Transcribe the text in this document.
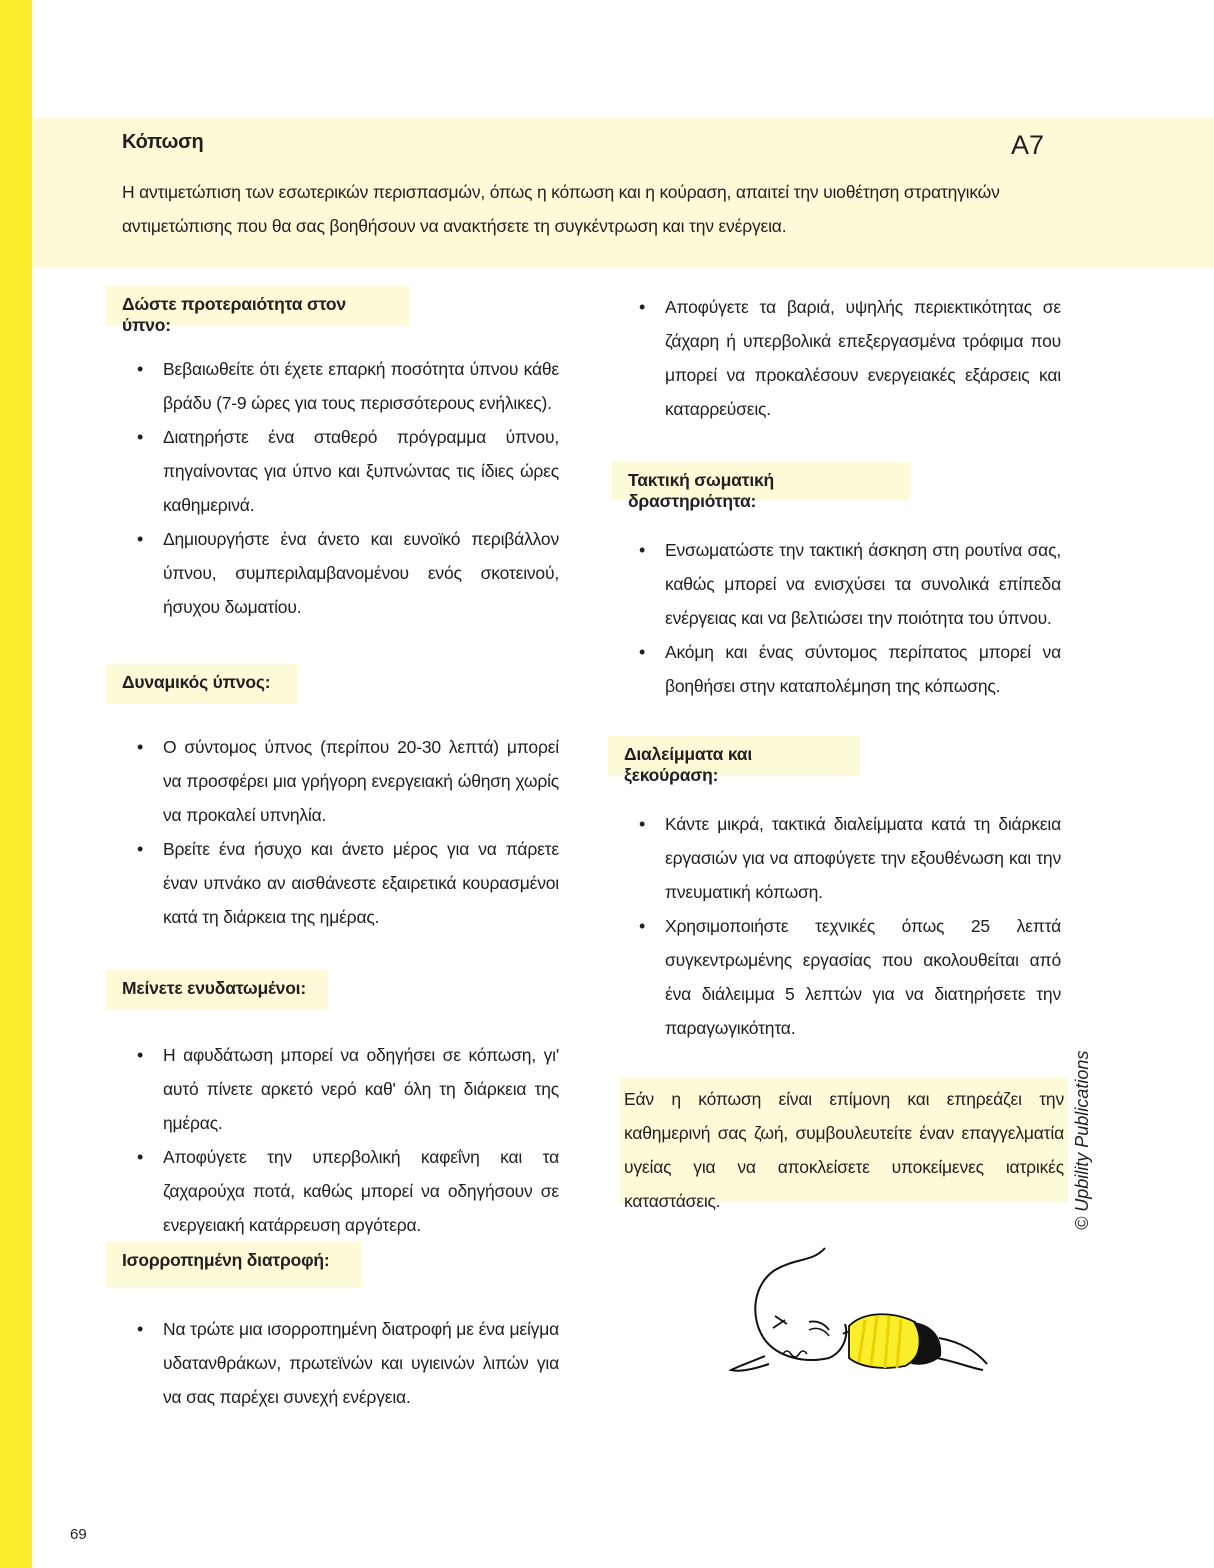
Κόπωση	A7
Η αντιμετώπιση των εσωτερικών περισπασμών, όπως η κόπωση και η κούραση, απαιτεί την υιοθέτηση στρατηγικών αντιμετώπισης που θα σας βοηθήσουν να ανακτήσετε τη συγκέντρωση και την ενέργεια.
Δώστε προτεραιότητα στον ύπνο:
• Βεβαιωθείτε ότι έχετε επαρκή ποσότητα ύπνου κάθε βράδυ (7-9 ώρες για τους περισσότερους ενήλικες).
• Διατηρήστε ένα σταθερό πρόγραμμα ύπνου, πηγαίνοντας για ύπνο και ξυπνώντας τις ίδιες ώρες καθημερινά.
• Δημιουργήστε ένα άνετο και ευνοϊκό περιβάλλον ύπνου, συμπεριλαμβανομένου ενός σκοτεινού, ήσυχου δωματίου.
Δυναμικός ύπνος:
• Ο σύντομος ύπνος (περίπου 20-30 λεπτά) μπορεί να προσφέρει μια γρήγορη ενεργειακή ώθηση χωρίς να προκαλεί υπνηλία.
• Βρείτε ένα ήσυχο και άνετο μέρος για να πάρετε έναν υπνάκο αν αισθάνεστε εξαιρετικά κουρασμένοι κατά τη διάρκεια της ημέρας.
Μείνετε ενυδατωμένοι:
• Η αφυδάτωση μπορεί να οδηγήσει σε κόπωση, γι' αυτό πίνετε αρκετό νερό καθ' όλη τη διάρκεια της ημέρας.
• Αποφύγετε την υπερβολική καφεΐνη και τα ζαχαρούχα ποτά, καθώς μπορεί να οδηγήσουν σε ενεργειακή κατάρρευση αργότερα.
Ισορροπημένη διατροφή:
• Να τρώτε μια ισορροπημένη διατροφή με ένα μείγμα υδατανθράκων, πρωτεϊνών και υγιεινών λιπών για να σας παρέχει συνεχή ενέργεια.
• Αποφύγετε τα βαριά, υψηλής περιεκτικότητας σε ζάχαρη ή υπερβολικά επεξεργασμένα τρόφιμα που μπορεί να προκαλέσουν ενεργειακές εξάρσεις και καταρρεύσεις.
Τακτική σωματική δραστηριότητα:
• Ενσωματώστε την τακτική άσκηση στη ρουτίνα σας, καθώς μπορεί να ενισχύσει τα συνολικά επίπεδα ενέργειας και να βελτιώσει την ποιότητα του ύπνου.
• Ακόμη και ένας σύντομος περίπατος μπορεί να βοηθήσει στην καταπολέμηση της κόπωσης.
Διαλείμματα και ξεκούραση:
• Κάντε μικρά, τακτικά διαλείμματα κατά τη διάρκεια εργασιών για να αποφύγετε την εξουθένωση και την πνευματική κόπωση.
• Χρησιμοποιήστε τεχνικές όπως 25 λεπτά συγκεντρωμένης εργασίας που ακολουθείται από ένα διάλειμμα 5 λεπτών για να διατηρήσετε την παραγωγικότητα.
Εάν η κόπωση είναι επίμονη και επηρεάζει την καθημερινή σας ζωή, συμβουλευτείτε έναν επαγγελματία υγείας για να αποκλείσετε υποκείμενες ιατρικές καταστάσεις.	© Upbility Publications
69
